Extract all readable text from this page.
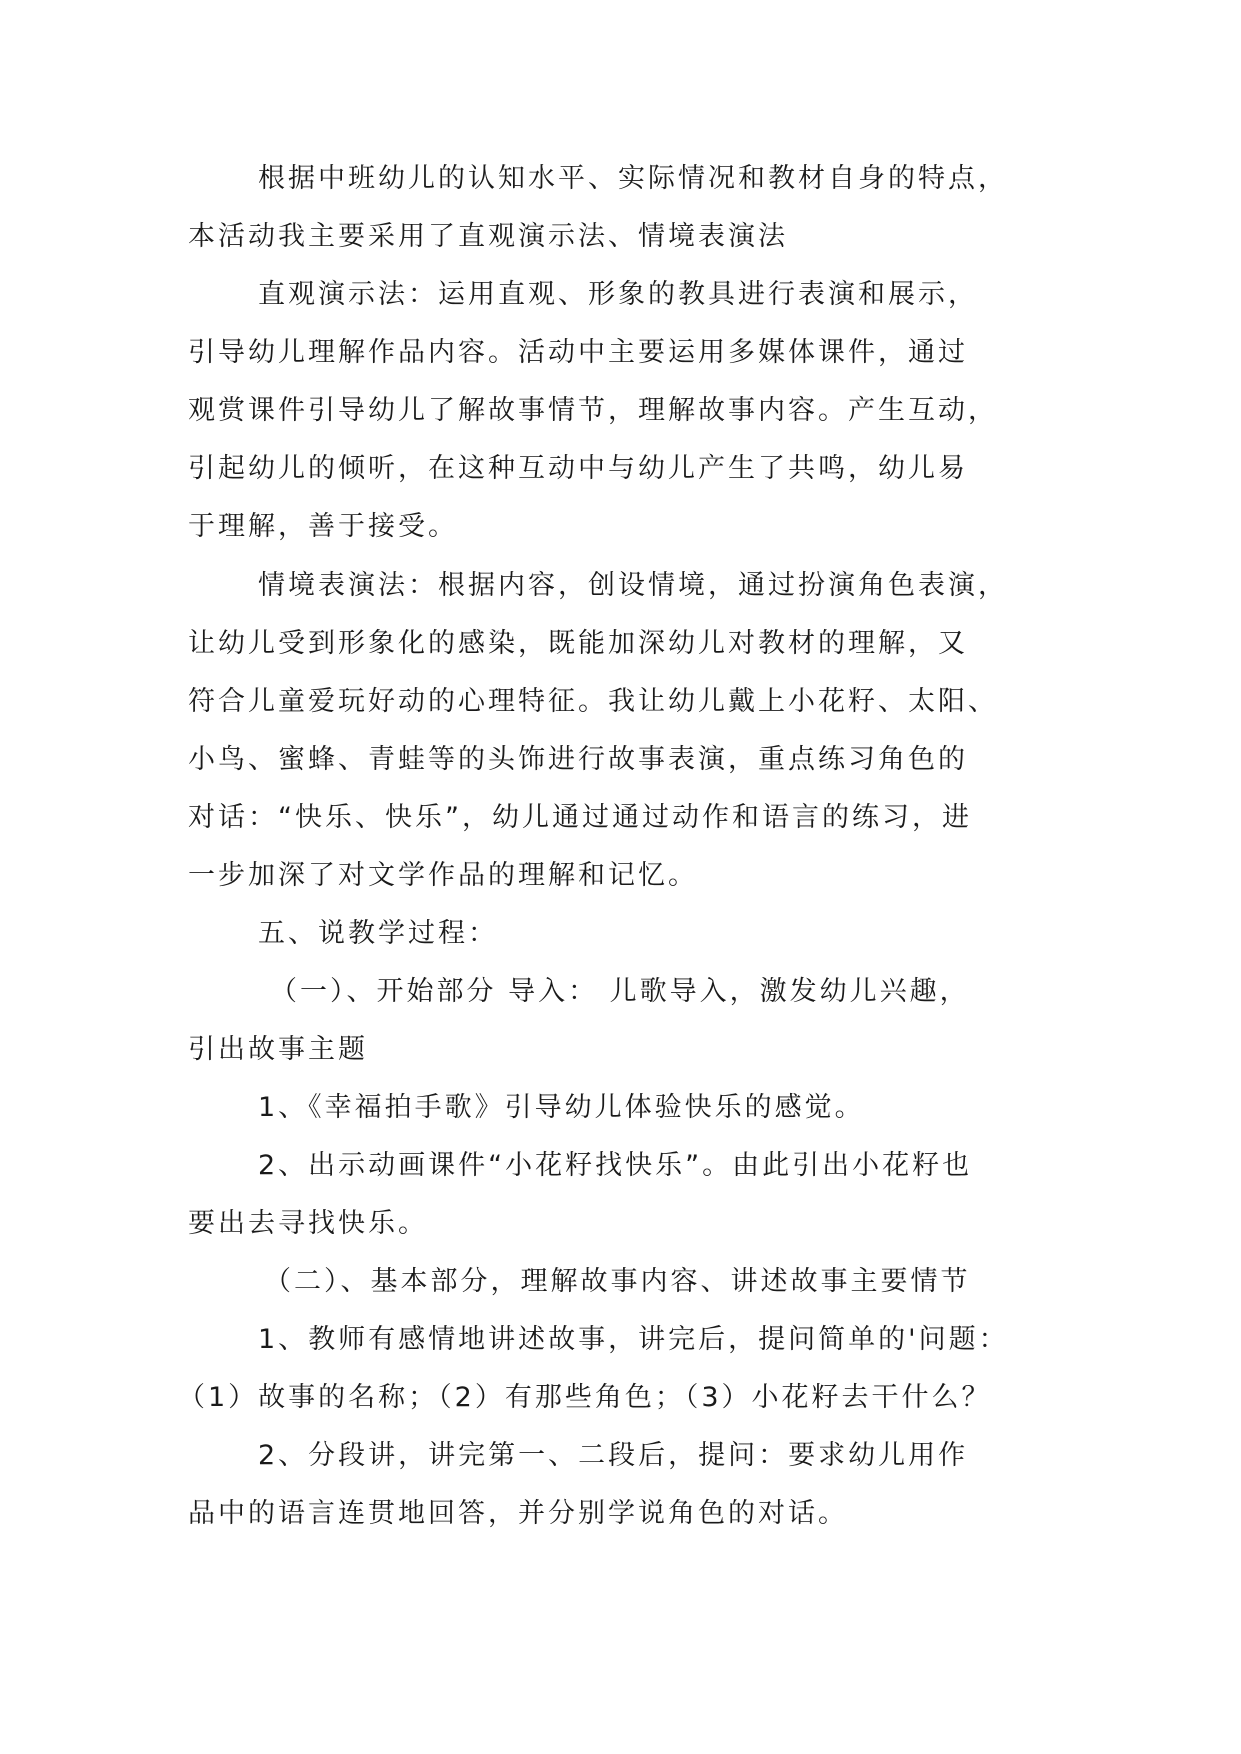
根据中班幼儿的认知水平、实际情况和教材自身的特点，
本活动我主要采用了直观演示法、情境表演法

直观演示法：运用直观、形象的教具进行表演和展示，
引导幼儿理解作品内容。活动中主要运用多媒体课件，通过
观赏课件引导幼儿了解故事情节，理解故事内容。产生互动，
引起幼儿的倾听，在这种互动中与幼儿产生了共鸣，幼儿易
于理解，善于接受。

情境表演法：根据内容，创设情境，通过扮演角色表演，
让幼儿受到形象化的感染，既能加深幼儿对教材的理解，又
符合儿童爱玩好动的心理特征。我让幼儿戴上小花籽、太阳、
小鸟、蜜蜂、青蛙等的头饰进行故事表演，重点练习角色的
对话：“快乐、快乐”，幼儿通过通过动作和语言的练习，进
一步加深了对文学作品的理解和记忆。

五、说教学过程：

（一）、开始部分 导入： 儿歌导入，激发幼儿兴趣，
引出故事主题

1、《幸福拍手歌》引导幼儿体验快乐的感觉。

2、出示动画课件“小花籽找快乐”。由此引出小花籽也
要出去寻找快乐。

（二）、基本部分，理解故事内容、讲述故事主要情节

1、教师有感情地讲述故事，讲完后，提问简单的'问题：
（1）故事的名称；（2）有那些角色；（3）小花籽去干什么？

2、分段讲，讲完第一、二段后，提问：要求幼儿用作
品中的语言连贯地回答，并分别学说角色的对话。
